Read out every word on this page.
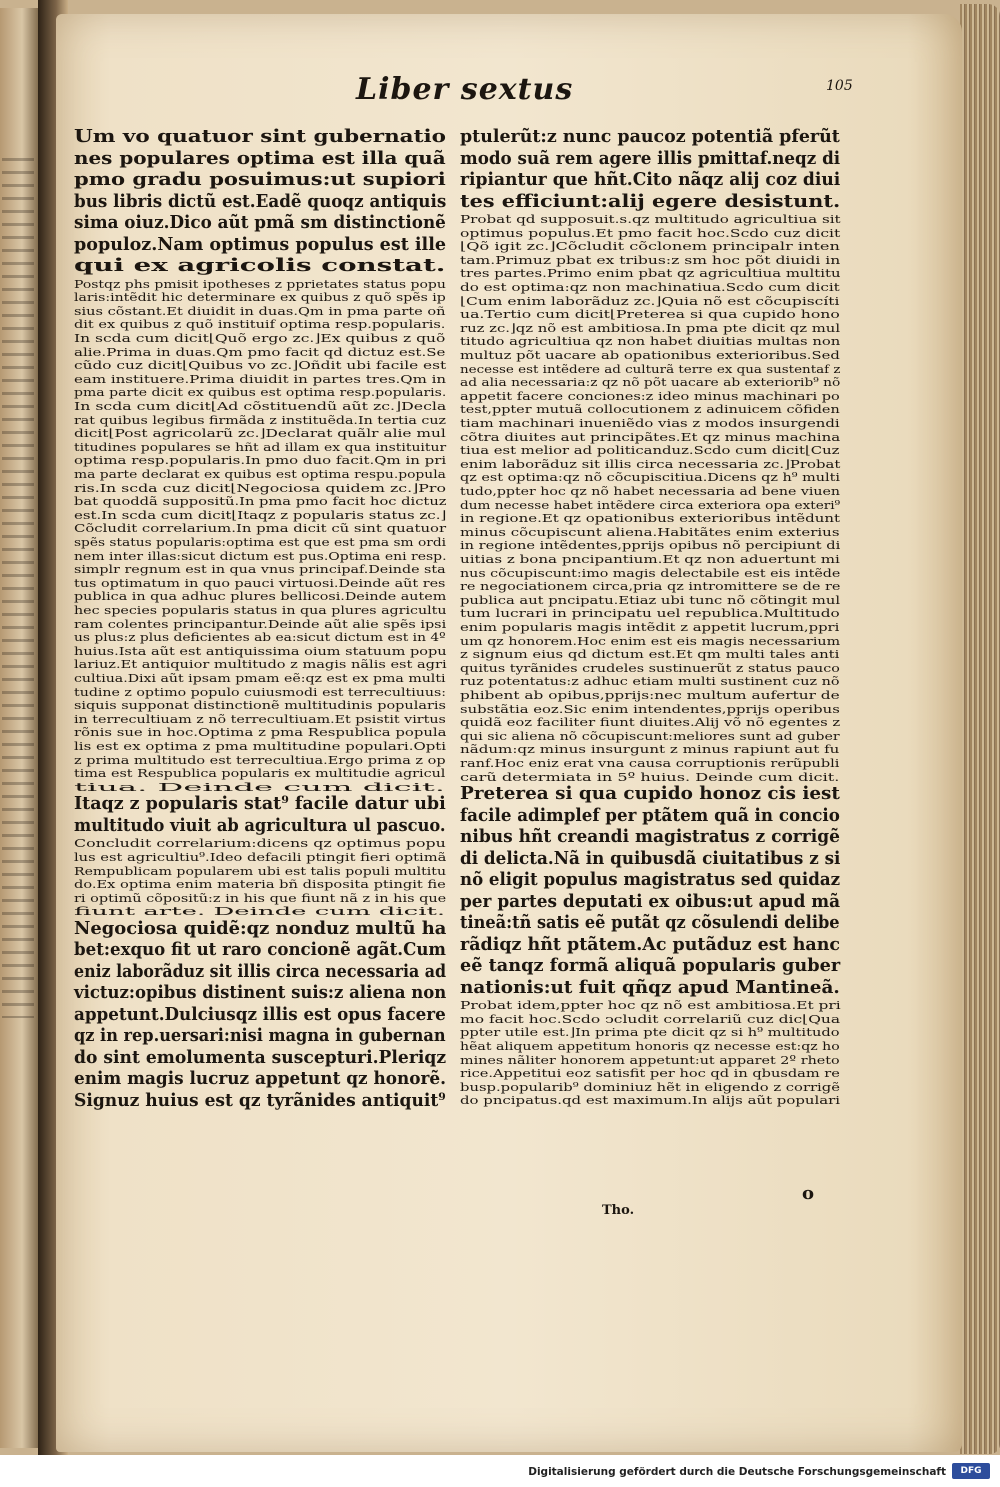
Liber sextus	105

Um vo quatuor sint gubernatio
nes populares optima est illa quã
pmo gradu posuimus:ut supiori
bus libris dictũ est.Eadẽ quoqz antiquis
sima oiuz.Dico aũt pmã sm distinctionẽ
populoz.Nam optimus populus est ille
qui ex agricolis constat.
Postqz phs pmisit ipotheses z pprietates status popu
laris:intẽdit hic determinare ex quibus z quõ spẽs ip
sius cõstant.Et diuidit in duas.Qm in pma parte oñ
dit ex quibus z quõ instituif optima resp.popularis.
In scda cum dicit⌊Quõ ergo zc.⌋Ex quibus z quõ
alie.Prima in duas.Qm pmo facit qd dictuz est.Se
cũdo cuz dicit⌊Quibus vo zc.⌋Oñdit ubi facile est
eam instituere.Prima diuidit in partes tres.Qm in
pma parte dicit ex quibus est optima resp.popularis.
In scda cum dicit⌊Ad cõstituendũ aũt zc.⌋Decla
rat quibus legibus firmãda z instituẽda.In tertia cuz
dicit⌊Post agricolarũ zc.⌋Declarat quãlr alie mul
titudines populares se hñt ad illam ex qua instituitur
optima resp.popularis.In pmo duo facit.Qm in pri
ma parte declarat ex quibus est optima respu.popula
ris.In scda cuz dicit⌊Negociosa quidem zc.⌋Pro
bat quoddã suppositũ.In pma pmo facit hoc dictuz
est.In scda cum dicit⌊Itaqz z popularis status zc.⌋
Cõcludit correlarium.In pma dicit cũ sint quatuor
spẽs status popularis:optima est que est pma sm ordi
nem inter illas:sicut dictum est pus.Optima eni resp.
simplr regnum est in qua vnus principaf.Deinde sta
tus optimatum in quo pauci virtuosi.Deinde aũt res
publica in qua adhuc plures bellicosi.Deinde autem
hec species popularis status in qua plures agricultu
ram colentes principantur.Deinde aũt alie spẽs ipsi
us plus:z plus deficientes ab ea:sicut dictum est in 4º
huius.Ista aũt est antiquissima oium statuum popu
lariuz.Et antiquior multitudo z magis nãlis est agri
cultiua.Dixi aũt ipsam pmam eẽ:qz est ex pma multi
tudine z optimo populo cuiusmodi est terrecultiuus:
siquis supponat distinctionẽ multitudinis popularis
in terrecultiuam z nõ terrecultiuam.Et psistit virtus
rõnis sue in hoc.Optima z pma Respublica popula
lis est ex optima z pma multitudine populari.Opti
z prima multitudo est terrecultiua.Ergo prima z op
tima est Respublica popularis ex multitudie agricul
tiua. Deinde cum dicit.
Itaqz z popularis stat⁹ facile datur ubi
multitudo viuit ab agricultura ul pascuo.
Concludit correlarium:dicens qz optimus popu
lus est agricultiu⁹.Ideo defacili ptingit fieri optimã
Rempublicam popularem ubi est talis populi multitu
do.Ex optima enim materia bñ disposita ptingit fie
ri optimũ cõpositũ:z in his que fiunt nã z in his que
fiunt arte. Deinde cum dicit.
Negociosa quidẽ:qz nonduz multũ ha
bet:exquo fit ut raro concionẽ agãt.Cum
eniz laborãduz sit illis circa necessaria ad
victuz:opibus distinent suis:z aliena non
appetunt.Dulciusqz illis est opus facere
qz in rep.uersari:nisi magna in gubernan
do sint emolumenta suscepturi.Pleriqz
enim magis lucruz appetunt qz honorẽ.
Signuz huius est qz tyrãnides antiquit⁹
ptulerũt:z nunc paucoz potentiã pferũt
modo suã rem agere illis pmittaf.neqz di
ripiantur que hñt.Cito nãqz alij coz diui
tes efficiunt:alij egere desistunt.
Probat qd supposuit.s.qz multitudo agricultiua sit
optimus populus.Et pmo facit hoc.Scdo cuz dicit
⌊Qõ igit zc.⌋Cõcludit cõclonem principalr inten
tam.Primuz pbat ex tribus:z sm hoc põt diuidi in
tres partes.Primo enim pbat qz agricultiua multitu
do est optima:qz non machinatiua.Scdo cum dicit
⌊Cum enim laborãduz zc.⌋Quia nõ est cõcupiscíti
ua.Tertio cum dicit⌊Preterea si qua cupido hono
ruz zc.⌋qz nõ est ambitiosa.In pma pte dicit qz mul
titudo agricultiua qz non habet diuitias multas non
multuz põt uacare ab opationibus exterioribus.Sed
necesse est intẽdere ad culturã terre ex qua sustentaf z
ad alia necessaria:z qz nõ põt uacare ab exteriorib⁹ nõ
appetit facere conciones:z ideo minus machinari po
test,ppter mutuã collocutionem z adinuicem cõfiden
tiam machinari inueniẽdo vias z modos insurgendi
cõtra diuites aut principãtes.Et qz minus machina
tiua est melior ad politicanduz.Scdo cum dicit⌊Cuz
enim laborãduz sit illis circa necessaria zc.⌋Probat
qz est optima:qz nõ cõcupiscitiua.Dicens qz h⁹ multi
tudo,ppter hoc qz nõ habet necessaria ad bene viuen
dum necesse habet intẽdere circa exteriora opa exteri⁹
in regione.Et qz opationibus exterioribus intẽdunt
minus cõcupiscunt aliena.Habitãtes enim exterius
in regione intẽdentes,pprijs opibus nõ percipiunt di
uitias z bona pncipantium.Et qz non aduertunt mi
nus cõcupiscunt:imo magis delectabile est eis intẽde
re negociationem circa,pria qz intromittere se de re
publica aut pncipatu.Etiaz ubi tunc nõ cõtingit mul
tum lucrari in principatu uel republica.Multitudo
enim popularis magis intẽdit z appetit lucrum,ppri
um qz honorem.Hoc enim est eis magis necessarium
z signum eius qd dictum est.Et qm multi tales anti
quitus tyrãnides crudeles sustinuerũt z status pauco
ruz potentatus:z adhuc etiam multi sustinent cuz nõ
phibent ab opibus,pprijs:nec multum aufertur de
substãtia eoz.Sic enim intendentes,pprijs operibus
quidã eoz faciliter fiunt diuites.Alij võ nõ egentes z
qui sic aliena nõ cõcupiscunt:meliores sunt ad guber
nãdum:qz minus insurgunt z minus rapiunt aut fu
ranf.Hoc eniz erat vna causa corruptionis rerũpubli
carũ determiata in 5º huius. Deinde cum dicit.
Preterea si qua cupido honoz cis iest
facile adimplef per ptãtem quã in concio
nibus hñt creandi magistratus z corrigẽ
di delicta.Nã in quibusdã ciuitatibus z si
nõ eligit populus magistratus sed quidaz
per partes deputati ex oibus:ut apud mã
tineã:tñ satis eẽ putãt qz cõsulendi delibe
rãdiqz hñt ptãtem.Ac putãduz est hanc
eẽ tanqz formã aliquã popularis guber
nationis:ut fuit qñqz apud Mantineã.
Probat idem,ppter hoc qz nõ est ambitiosa.Et pri
mo facit hoc.Scdo ↄcludit correlariũ cuz dic⌊Qua
ppter utile est.⌋In prima pte dicit qz si h⁹ multitudo
hẽat aliquem appetitum honoris qz necesse est:qz ho
mines nãliter honorem appetunt:ut apparet 2º rheto
rice.Appetitui eoz satisfit per hoc qd in qbusdam re
busp.popularib⁹ dominiuz hẽt in eligendo z corrigẽ
do pncipatus.qd est maximum.In alijs aũt populari

o

Tho.

Digitalisierung gefördert durch die Deutsche Forschungsgemeinschaft	DFG
